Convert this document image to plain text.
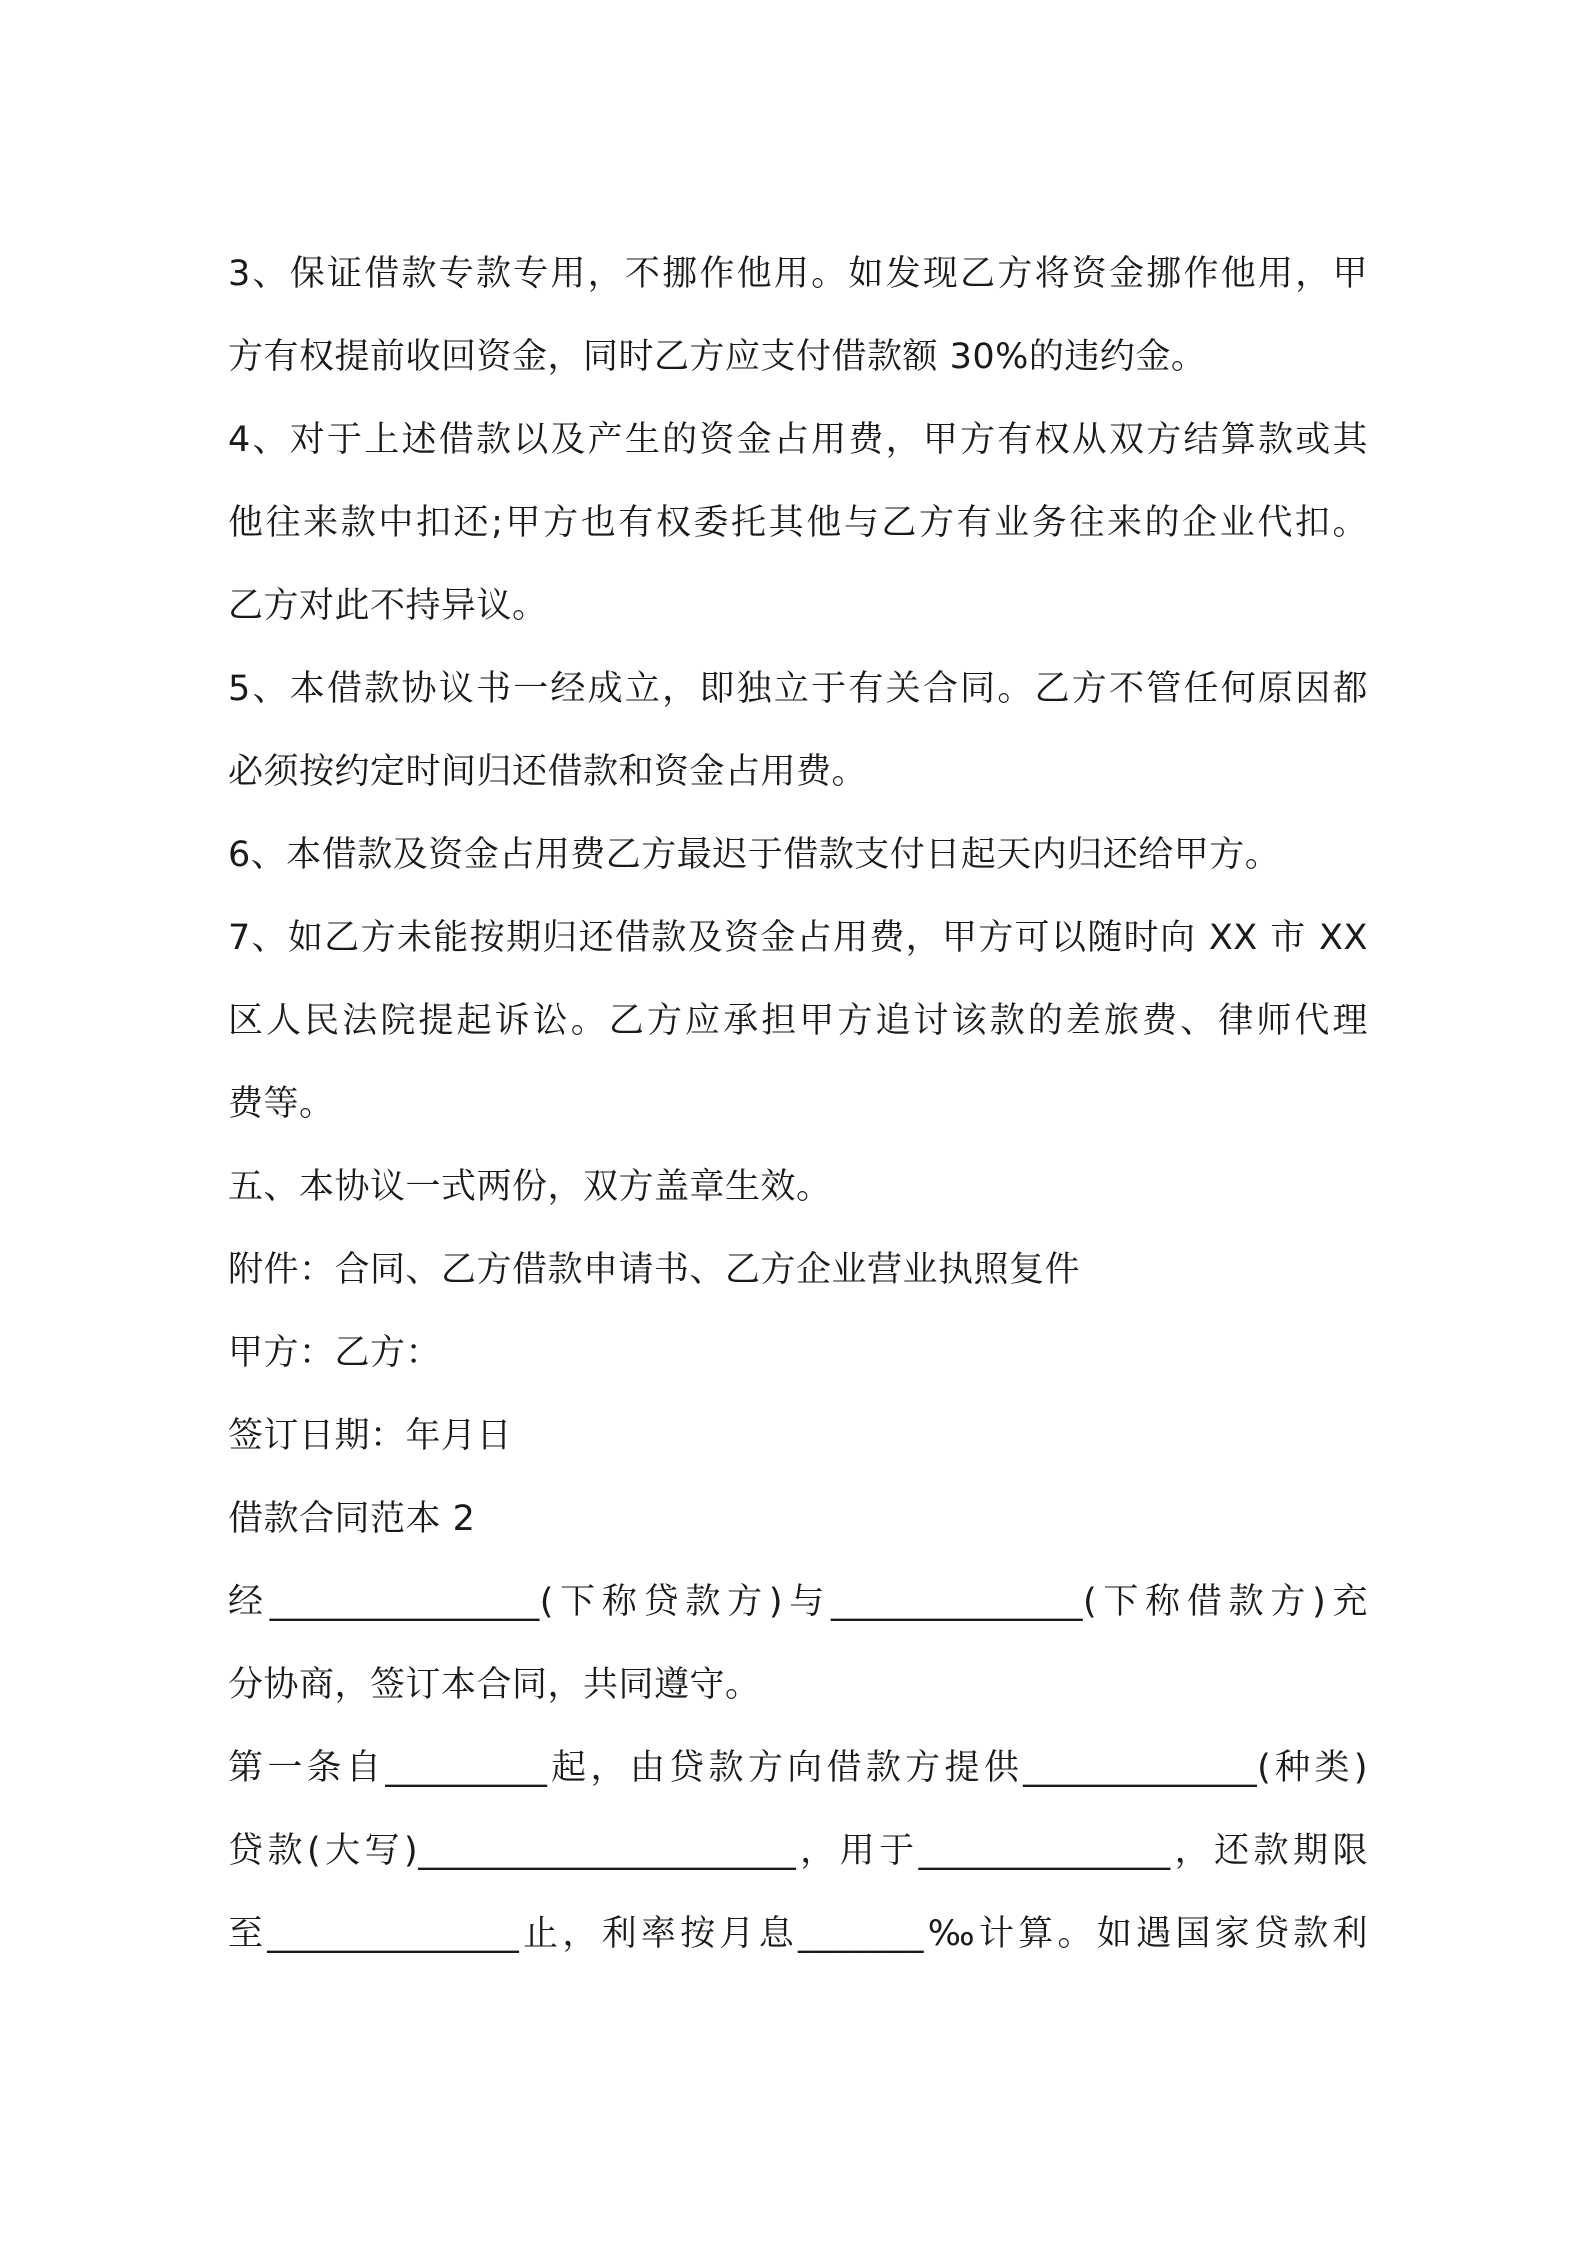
3、保证借款专款专用，不挪作他用。如发现乙方将资金挪作他用，甲
方有权提前收回资金，同时乙方应支付借款额 30%的违约金。
4、对于上述借款以及产生的资金占用费，甲方有权从双方结算款或其
他往来款中扣还;甲方也有权委托其他与乙方有业务往来的企业代扣。
乙方对此不持异议。
5、本借款协议书一经成立，即独立于有关合同。乙方不管任何原因都
必须按约定时间归还借款和资金占用费。
6、本借款及资金占用费乙方最迟于借款支付日起天内归还给甲方。
7、如乙方未能按期归还借款及资金占用费，甲方可以随时向 XX 市 XX
区人民法院提起诉讼。乙方应承担甲方追讨该款的差旅费、律师代理
费等。
五、本协议一式两份，双方盖章生效。
附件：合同、乙方借款申请书、乙方企业营业执照复件
甲方：乙方：
签订日期：年月日
借款合同范本 2
经_______________(下称贷款方)与______________(下称借款方)充
分协商，签订本合同，共同遵守。
第一条自_________起，由贷款方向借款方提供_____________(种类)
贷款(大写)_____________________，用于______________，还款期限
至______________止，利率按月息_______‰计算。如遇国家贷款利
